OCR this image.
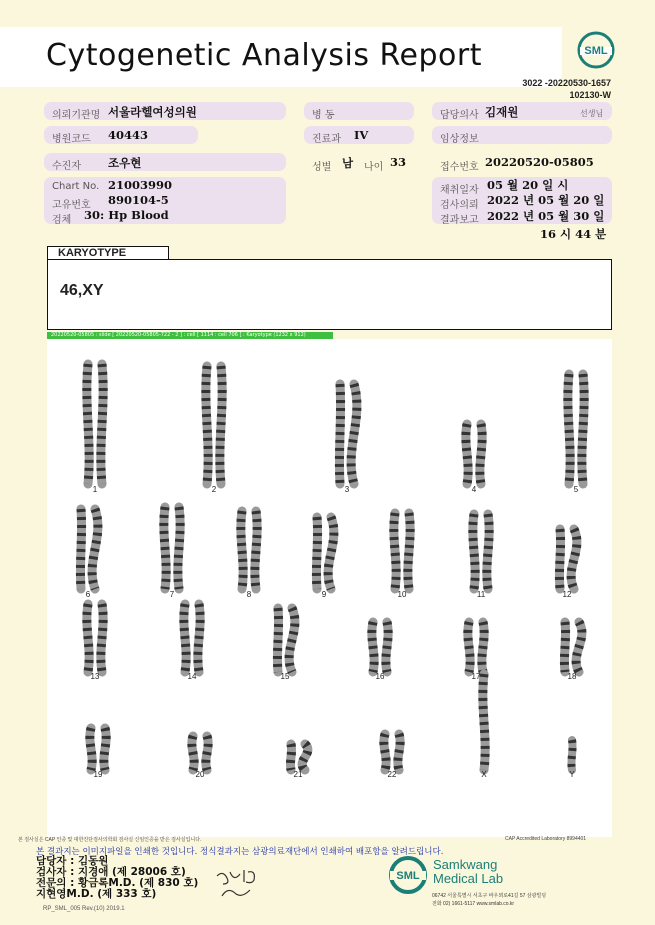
Cytogenetic Analysis Report	SML
3022 -20220530-1657
102130-W
의뢰기관명 서울라헬여성의원
병원코드 40443
수진자 조우현
Chart No. 21003990
고유번호 890104-5
검체 30: Hp Blood
병 동
진료과 IV
성별 남 나이 33
담당의사 김재원	선생님
임상정보
접수번호 20220520-05805
채취일자 05 월 20 일 시
검사의뢰 2022 년 05 월 20 일
결과보고 2022 년 05 월 30 일
16 시 44 분
KARYOTYPE
46,XY
20220520-05805 : slide [ 20220520-05805-722 - 2 ] : cell [ 1114 : cell 706 ] : Karyotype (1232 x 912)
1	2	3	4	5
6	7	8	9	10	11	12
13	14	15	16	17	18
19	20	21	22	X	Y
본 검사실은 CAP 인증 및 대한진단검사의학회 검사실 신임인증을 받은 검사실입니다.	CAP Accredited Laboratory 8994401
본 결과지는 이미지파일을 인쇄한 것입니다. 정식결과지는 삼광의료재단에서 인쇄하여 배포함을 알려드립니다.
담당자 : 김동원
검사자 : 지경애 (제 28006 호)
전문의 : 황금록M.D. (제 830 호)
지현영M.D. (제 333 호)
SML
Samkwang
Medical Lab
06742 서울특별시 서초구 바우뫼로41길 57 삼광빌딩
전화 02) 1661-5117 www.smlab.co.kr
RP_SML_005 Rev.(10) 2019.1
